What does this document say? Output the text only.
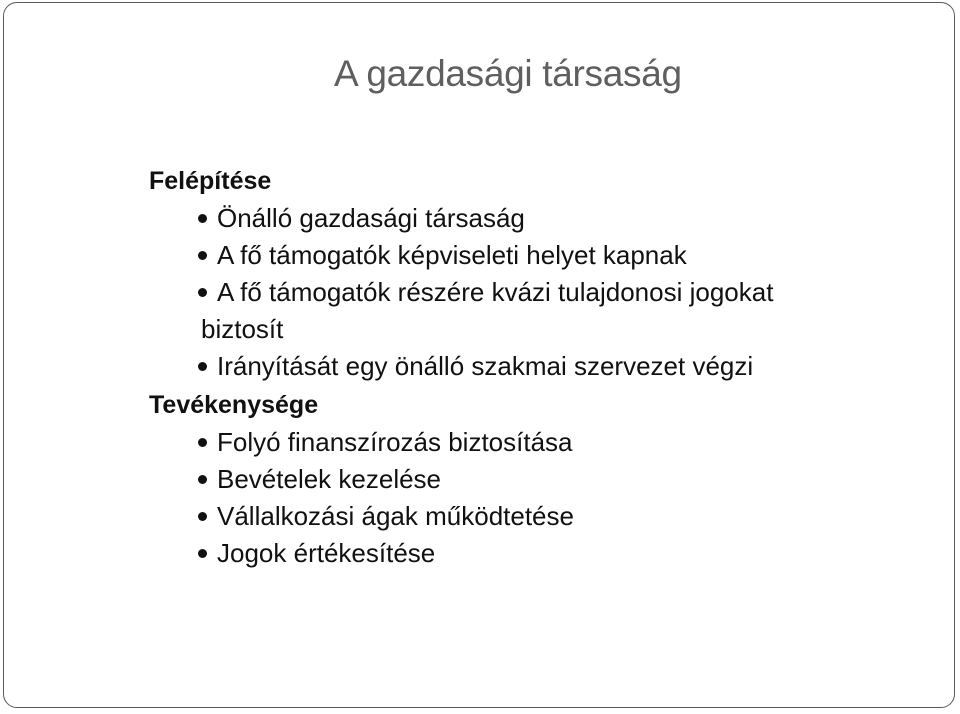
A gazdasági társaság
Felépítése
Önálló gazdasági társaság
A fő támogatók képviseleti helyet kapnak
A fő támogatók részére kvázi tulajdonosi jogokat
biztosít
Irányítását egy önálló szakmai szervezet végzi
Tevékenysége
Folyó finanszírozás biztosítása
Bevételek kezelése
Vállalkozási ágak működtetése
Jogok értékesítése
